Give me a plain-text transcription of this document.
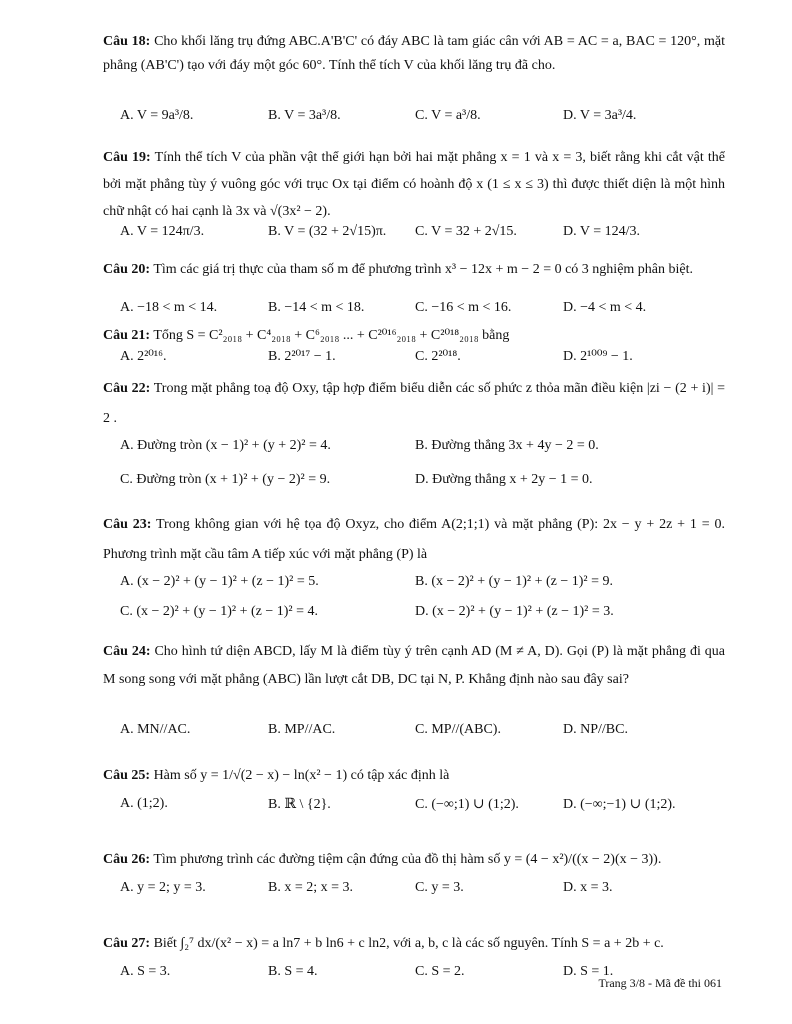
Câu 18: Cho khối lăng trụ đứng ABC.A'B'C' có đáy ABC là tam giác cân với AB = AC = a, BAC = 120°, mặt phẳng (AB'C') tạo với đáy một góc 60°. Tính thể tích V của khối lăng trụ đã cho.
A. V = 9a³/8.	B. V = 3a³/8.	C. V = a³/8.	D. V = 3a³/4.
Câu 19: Tính thể tích V của phần vật thể giới hạn bởi hai mặt phẳng x = 1 và x = 3, biết rằng khi cắt vật thể bởi mặt phẳng tùy ý vuông góc với trục Ox tại điểm có hoành độ x (1 ≤ x ≤ 3) thì được thiết diện là một hình chữ nhật có hai cạnh là 3x và √(3x² − 2).
A. V = 124π/3.	B. V = (32 + 2√15)π. C. V = 32 + 2√15.	D. V = 124/3.
Câu 20: Tìm các giá trị thực của tham số m để phương trình x³ − 12x + m − 2 = 0 có 3 nghiệm phân biệt.
A. −18 < m < 14.	B. −14 < m < 18.	C. −16 < m < 16.	D. −4 < m < 4.
Câu 21: Tổng S = C²₂₀₁₈ + C⁴₂₀₁₈ + C⁶₂₀₁₈ ... + C²⁰¹⁶₂₀₁₈ + C²⁰¹⁸₂₀₁₈ bằng
A. 2²⁰¹⁶.	B. 2²⁰¹⁷ − 1.	C. 2²⁰¹⁸.	D. 2¹⁰⁰⁹ − 1.
Câu 22: Trong mặt phẳng toạ độ Oxy, tập hợp điểm biểu diễn các số phức z thỏa mãn điều kiện |zi − (2 + i)| = 2 .
A. Đường tròn (x − 1)² + (y + 2)² = 4.	B. Đường thẳng 3x + 4y − 2 = 0.
C. Đường tròn (x + 1)² + (y − 2)² = 9.	D. Đường thẳng x + 2y − 1 = 0.
Câu 23: Trong không gian với hệ tọa độ Oxyz, cho điểm A(2;1;1) và mặt phẳng (P): 2x − y + 2z + 1 = 0. Phương trình mặt cầu tâm A tiếp xúc với mặt phẳng (P) là
A. (x − 2)² + (y − 1)² + (z − 1)² = 5.	B. (x − 2)² + (y − 1)² + (z − 1)² = 9.
C. (x − 2)² + (y − 1)² + (z − 1)² = 4.	D. (x − 2)² + (y − 1)² + (z − 1)² = 3.
Câu 24: Cho hình tứ diện ABCD, lấy M là điểm tùy ý trên cạnh AD (M ≠ A, D). Gọi (P) là mặt phẳng đi qua M song song với mặt phẳng (ABC) lần lượt cắt DB, DC tại N, P. Khẳng định nào sau đây sai?
A. MN//AC.	B. MP//AC.	C. MP//(ABC).	D. NP//BC.
Câu 25: Hàm số y = 1/√(2 − x) − ln(x² − 1) có tập xác định là
A. (1;2).	B. ℝ \ {2}.	C. (−∞;1) ∪ (1;2).	D. (−∞;−1) ∪ (1;2).
Câu 26: Tìm phương trình các đường tiệm cận đứng của đồ thị hàm số y = (4 − x²)/((x − 2)(x − 3)).
A. y = 2; y = 3.	B. x = 2; x = 3.	C. y = 3.	D. x = 3.
Câu 27: Biết ∫₂⁷ dx/(x² − x) = a ln7 + b ln6 + c ln2, với a, b, c là các số nguyên. Tính S = a + 2b + c.
A. S = 3.	B. S = 4.	C. S = 2.	D. S = 1.
Trang 3/8 - Mã đề thi 061
